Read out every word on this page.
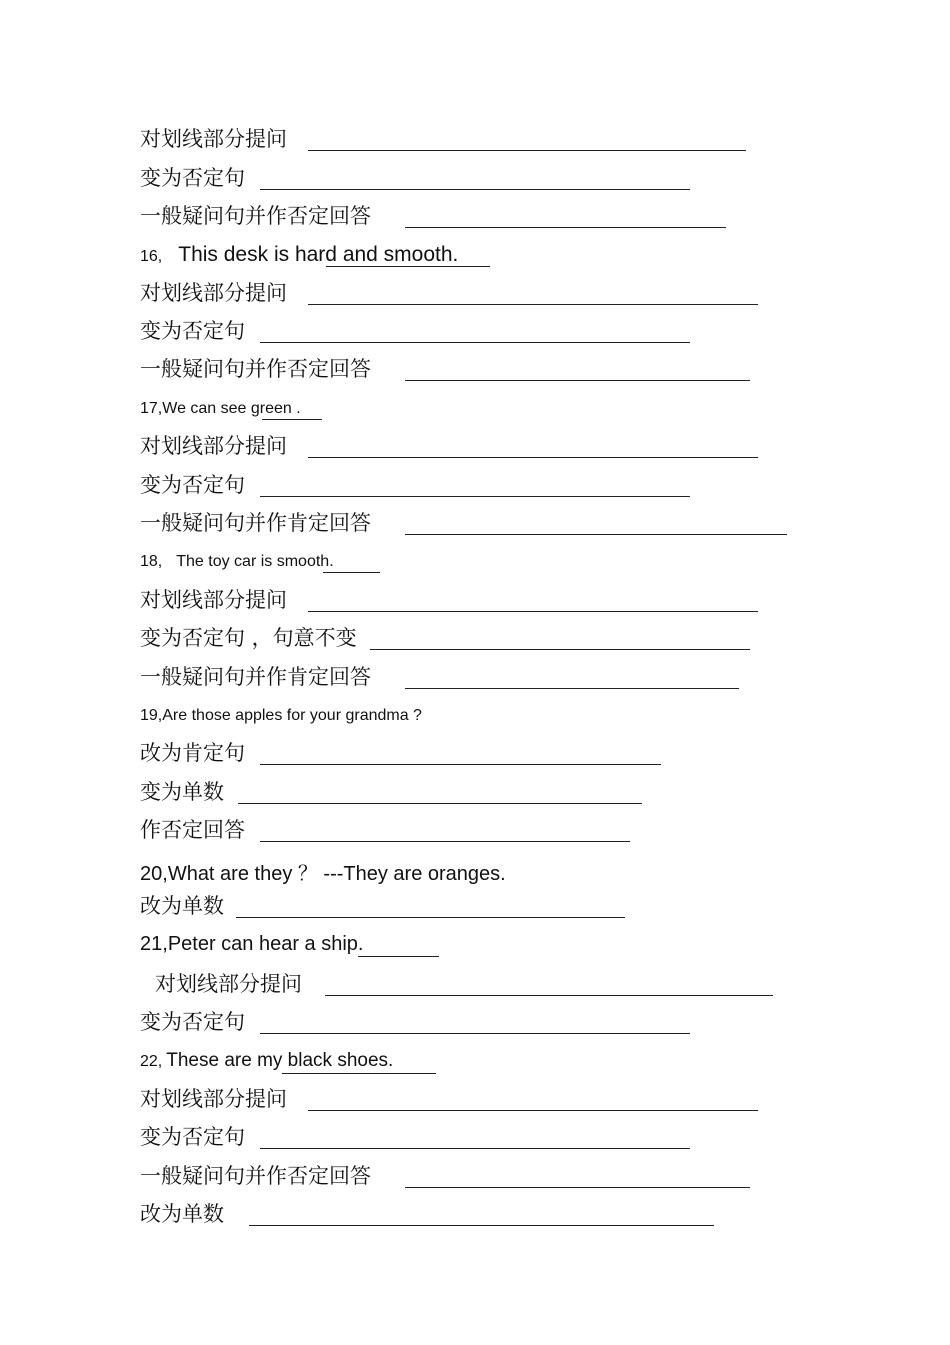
对划线部分提问
变为否定句
一般疑问句并作否定回答
16, This desk is hard and smooth.
对划线部分提问
变为否定句
一般疑问句并作否定回答
17,We can see green .
对划线部分提问
变为否定句
一般疑问句并作肯定回答
18, The toy car is smooth.
对划线部分提问
变为否定句 ，句意不变
一般疑问句并作肯定回答
19,Are those apples for your grandma ?
改为肯定句
变为单数
作否定回答
20,What are they ？ ---They are oranges.
改为单数
21,Peter can hear a ship.
对划线部分提问
变为否定句
22, These are my black shoes.
对划线部分提问
变为否定句
一般疑问句并作否定回答
改为单数
